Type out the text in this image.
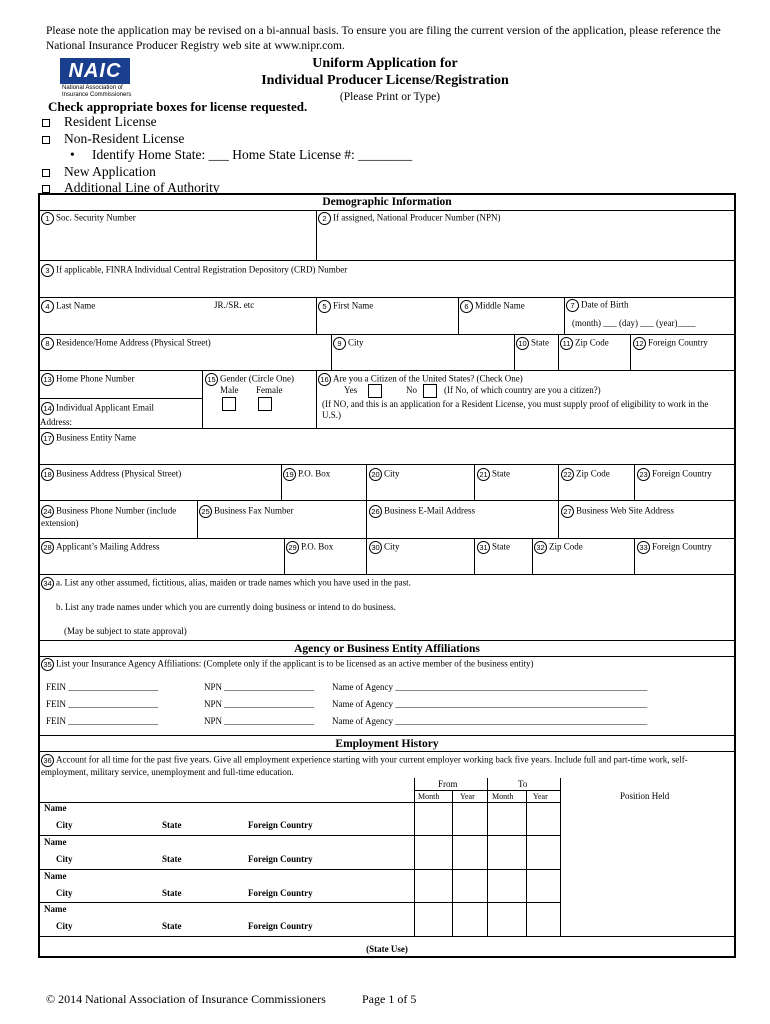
Please note the application may be revised on a bi-annual basis. To ensure you are filing the current version of the application, please reference the National Insurance Producer Registry web site at www.nipr.com.
NAIC
National Association of Insurance Commissioners
Uniform Application for
Individual Producer License/Registration
(Please Print or Type)
Check appropriate boxes for license requested.
Resident License
Non-Resident License
• Identify Home State: ___ Home State License #: ________
New Application
Additional Line of Authority
Demographic Information
1 Soc. Security Number	2 If assigned, National Producer Number (NPN)
3 If applicable, FINRA Individual Central Registration Depository (CRD) Number
4 Last Name	JR./SR. etc	5 First Name	6 Middle Name	7 Date of Birth
(month) ___ (day) ___ (year)____
8 Residence/Home Address (Physical Street)	9 City	10 State	11 Zip Code	12 Foreign Country
13 Home Phone Number
14 Individual Applicant Email
Address:
15 Gender (Circle One)
Male Female
16 Are you a Citizen of the United States? (Check One)
Yes	No	(If No, of which country are you a citizen?)
(If NO, and this is an application for a Resident License, you must supply proof of eligibility to work in the U.S.)
17 Business Entity Name
18 Business Address (Physical Street)	19 P.O. Box	20 City	21 State	22 Zip Code	23 Foreign Country
24 Business Phone Number (include extension)
25 Business Fax Number	26 Business E-Mail Address	27 Business Web Site Address
28 Applicant’s Mailing Address	29 P.O. Box	30 City	31 State	32 Zip Code	33 Foreign Country
34 a. List any other assumed, fictitious, alias, maiden or trade names which you have used in the past.
b. List any trade names under which you are currently doing business or intend to do business.
(May be subject to state approval)
Agency or Business Entity Affiliations
35 List your Insurance Agency Affiliations: (Complete only if the applicant is to be licensed as an active member of the business entity)
FEIN ____________________	NPN ____________________ Name of Agency ________________________________________________________
FEIN ____________________	NPN ____________________ Name of Agency ________________________________________________________
FEIN ____________________	NPN ____________________ Name of Agency ________________________________________________________
Employment History
36 Account for all time for the past five years. Give all employment experience starting with your current employer working back five years. Include full and part-time work, self-employment, military service, unemployment and full-time education.
From	To
Month	Year Month Year	Position Held
Name
City	State	Foreign Country
Name
City	State	Foreign Country
Name
City	State	Foreign Country
Name
City	State	Foreign Country
(State Use)
© 2014 National Association of Insurance Commissioners	Page 1 of 5
